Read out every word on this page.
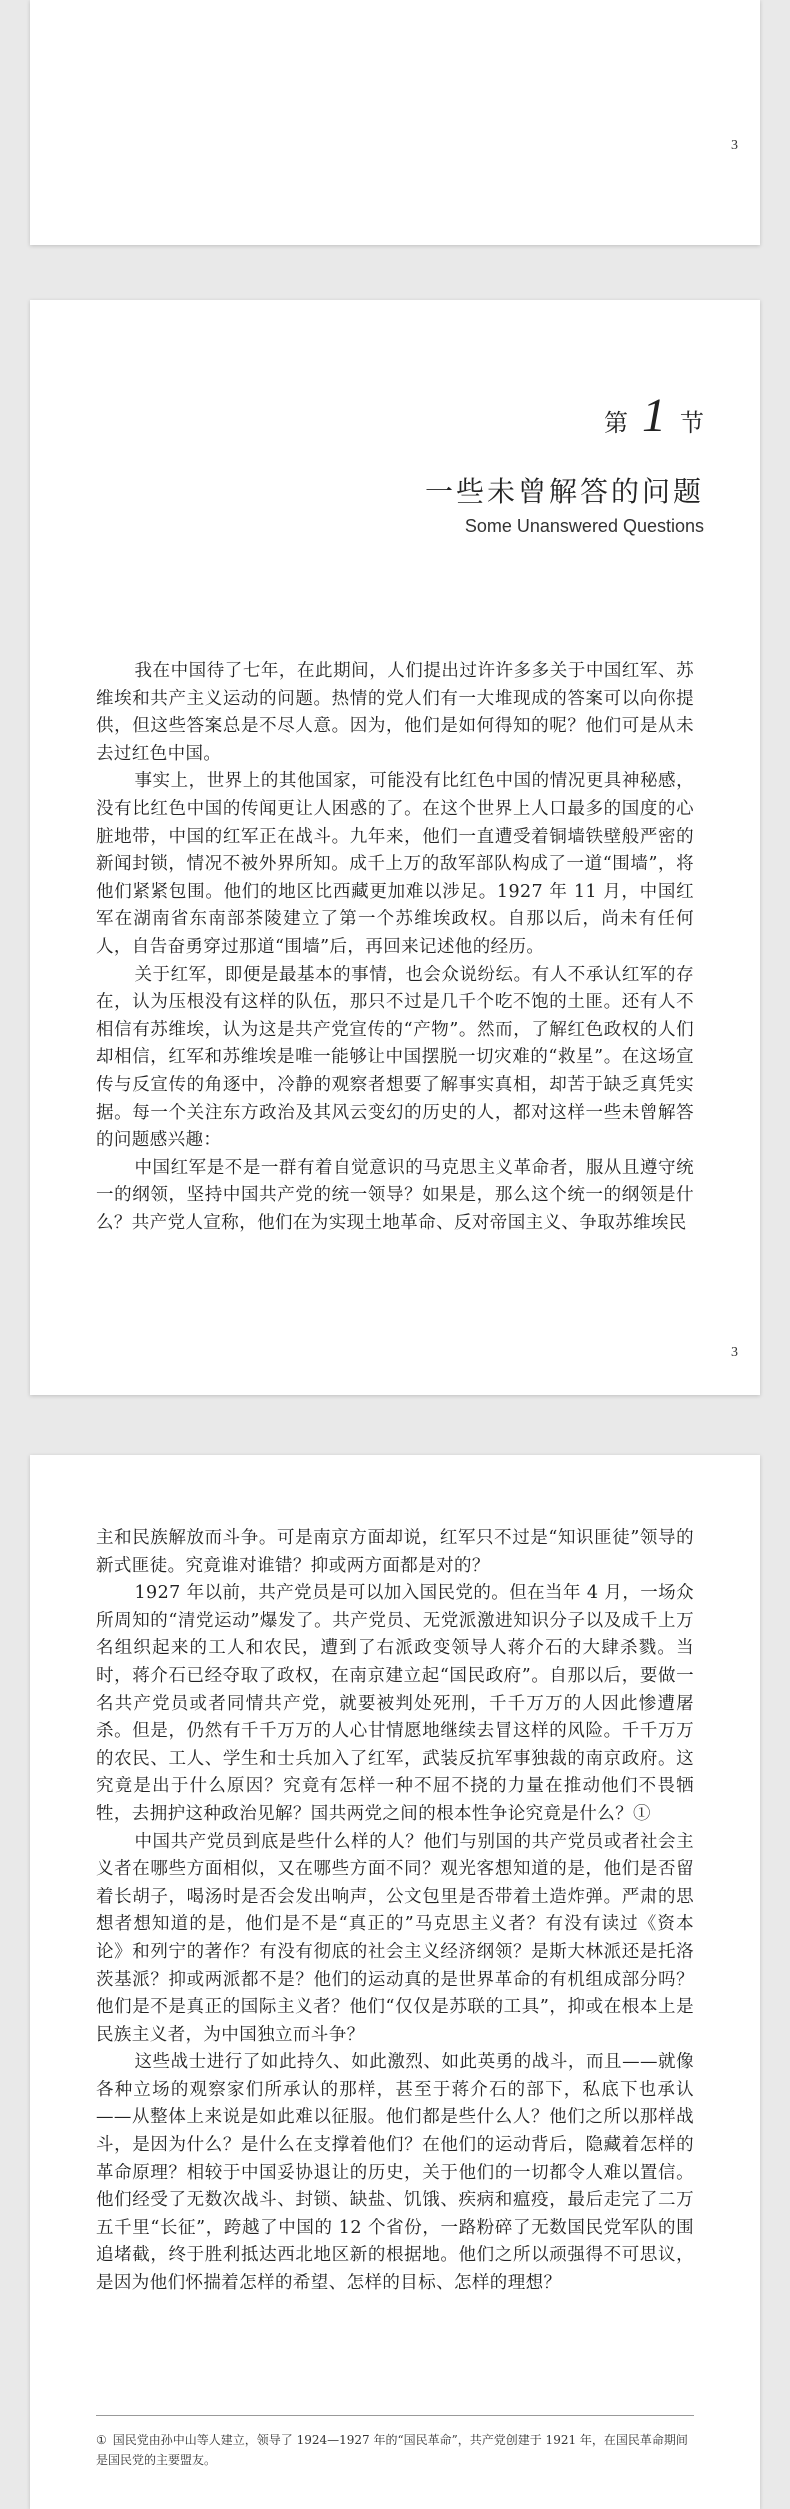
3
第 1 节
一些未曾解答的问题
Some Unanswered Questions

我在中国待了七年，在此期间，人们提出过许许多多关于中国红军、苏维埃和共产主义运动的问题。热情的党人们有一大堆现成的答案可以向你提供，但这些答案总是不尽人意。因为，他们是如何得知的呢？他们可是从未去过红色中国。

事实上，世界上的其他国家，可能没有比红色中国的情况更具神秘感，没有比红色中国的传闻更让人困惑的了。在这个世界上人口最多的国度的心脏地带，中国的红军正在战斗。九年来，他们一直遭受着铜墙铁壁般严密的新闻封锁，情况不被外界所知。成千上万的敌军部队构成了一道“围墙”，将他们紧紧包围。他们的地区比西藏更加难以涉足。1927 年 11 月，中国红军在湖南省东南部茶陵建立了第一个苏维埃政权。自那以后，尚未有任何人，自告奋勇穿过那道“围墙”后，再回来记述他的经历。

关于红军，即便是最基本的事情，也会众说纷纭。有人不承认红军的存在，认为压根没有这样的队伍，那只不过是几千个吃不饱的土匪。还有人不相信有苏维埃，认为这是共产党宣传的“产物”。然而，了解红色政权的人们却相信，红军和苏维埃是唯一能够让中国摆脱一切灾难的“救星”。在这场宣传与反宣传的角逐中，冷静的观察者想要了解事实真相，却苦于缺乏真凭实据。每一个关注东方政治及其风云变幻的历史的人，都对这样一些未曾解答的问题感兴趣：

中国红军是不是一群有着自觉意识的马克思主义革命者，服从且遵守统一的纲领，坚持中国共产党的统一领导？如果是，那么这个统一的纲领是什么？共产党人宣称，他们在为实现土地革命、反对帝国主义、争取苏维埃民

3

主和民族解放而斗争。可是南京方面却说，红军只不过是“知识匪徒”领导的新式匪徒。究竟谁对谁错？抑或两方面都是对的？

1927 年以前，共产党员是可以加入国民党的。但在当年 4 月，一场众所周知的“清党运动”爆发了。共产党员、无党派激进知识分子以及成千上万名组织起来的工人和农民，遭到了右派政变领导人蒋介石的大肆杀戮。当时，蒋介石已经夺取了政权，在南京建立起“国民政府”。自那以后，要做一名共产党员或者同情共产党，就要被判处死刑，千千万万的人因此惨遭屠杀。但是，仍然有千千万万的人心甘情愿地继续去冒这样的风险。千千万万的农民、工人、学生和士兵加入了红军，武装反抗军事独裁的南京政府。这究竟是出于什么原因？究竟有怎样一种不屈不挠的力量在推动他们不畏牺牲，去拥护这种政治见解？国共两党之间的根本性争论究竟是什么？①

中国共产党员到底是些什么样的人？他们与别国的共产党员或者社会主义者在哪些方面相似，又在哪些方面不同？观光客想知道的是，他们是否留着长胡子，喝汤时是否会发出响声，公文包里是否带着土造炸弹。严肃的思想者想知道的是，他们是不是“真正的”马克思主义者？有没有读过《资本论》和列宁的著作？有没有彻底的社会主义经济纲领？是斯大林派还是托洛茨基派？抑或两派都不是？他们的运动真的是世界革命的有机组成部分吗？他们是不是真正的国际主义者？他们“仅仅是苏联的工具”，抑或在根本上是民族主义者，为中国独立而斗争？

这些战士进行了如此持久、如此激烈、如此英勇的战斗，而且——就像各种立场的观察家们所承认的那样，甚至于蒋介石的部下，私底下也承认——从整体上来说是如此难以征服。他们都是些什么人？他们之所以那样战斗，是因为什么？是什么在支撑着他们？在他们的运动背后，隐藏着怎样的革命原理？相较于中国妥协退让的历史，关于他们的一切都令人难以置信。他们经受了无数次战斗、封锁、缺盐、饥饿、疾病和瘟疫，最后走完了二万五千里“长征”，跨越了中国的 12 个省份，一路粉碎了无数国民党军队的围追堵截，终于胜利抵达西北地区新的根据地。他们之所以顽强得不可思议，是因为他们怀揣着怎样的希望、怎样的目标、怎样的理想？

① 国民党由孙中山等人建立，领导了 1924—1927 年的“国民革命”，共产党创建于 1921 年，在国民革命期间是国民党的主要盟友。
